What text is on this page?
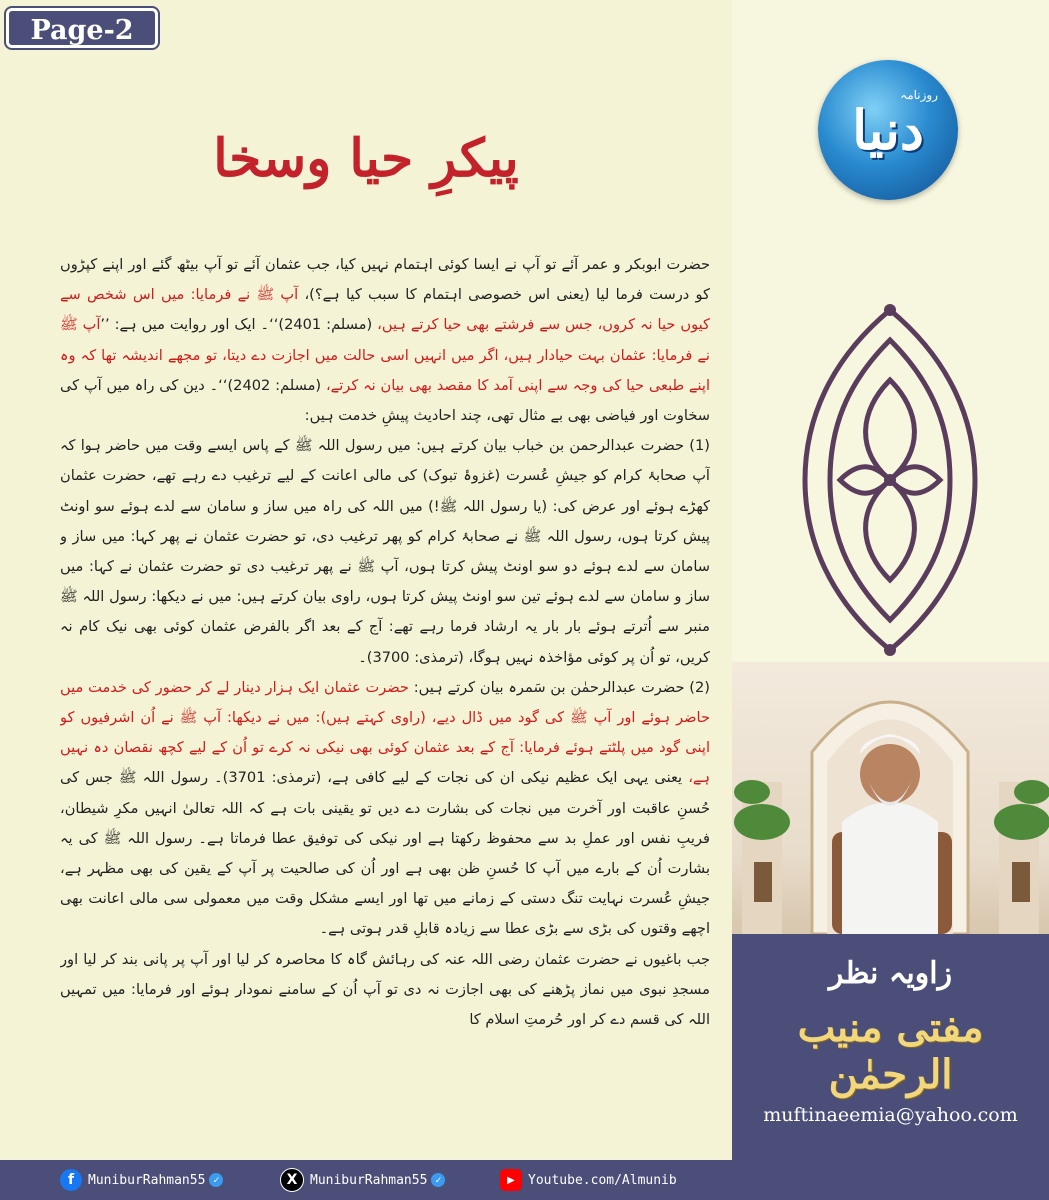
Page-2
پیکرِ حیا وسخا

حضرت ابوبکر و عمر آئے تو آپ نے ایسا کوئی اہتمام نہیں کیا، جب عثمان آئے تو آپ بیٹھ گئے اور اپنے کپڑوں کو درست فرما لیا (یعنی اس خصوصی اہتمام کا سبب کیا ہے؟)، آپ ﷺ نے فرمایا: میں اس شخص سے کیوں حیا نہ کروں، جس سے فرشتے بھی حیا کرتے ہیں، (مسلم: 2401)‘‘۔ ایک اور روایت میں ہے: ’’آپ ﷺ نے فرمایا: عثمان بہت حیادار ہیں، اگر میں انہیں اسی حالت میں اجازت دے دیتا، تو مجھے اندیشہ تھا کہ وہ اپنے طبعی حیا کی وجہ سے اپنی آمد کا مقصد بھی بیان نہ کرتے، (مسلم: 2402)‘‘۔ دین کی راہ میں آپ کی سخاوت اور فیاضی بھی بے مثال تھی، چند احادیث پیشِ خدمت ہیں:

(1) حضرت عبدالرحمن بن خباب بیان کرتے ہیں: میں رسول اللہ ﷺ کے پاس ایسے وقت میں حاضر ہوا کہ آپ صحابۂ کرام کو جیشِ عُسرت (غزوۂ تبوک) کی مالی اعانت کے لیے ترغیب دے رہے تھے، حضرت عثمان کھڑے ہوئے اور عرض کی: (یا رسول اللہ ﷺ!) میں اللہ کی راہ میں ساز و سامان سے لدے ہوئے سو اونٹ پیش کرتا ہوں، رسول اللہ ﷺ نے صحابۂ کرام کو پھر ترغیب دی، تو حضرت عثمان نے پھر کہا: میں ساز و سامان سے لدے ہوئے دو سو اونٹ پیش کرتا ہوں، آپ ﷺ نے پھر ترغیب دی تو حضرت عثمان نے کہا: میں ساز و سامان سے لدے ہوئے تین سو اونٹ پیش کرتا ہوں، راوی بیان کرتے ہیں: میں نے دیکھا: رسول اللہ ﷺ منبر سے اُترتے ہوئے بار بار یہ ارشاد فرما رہے تھے: آج کے بعد اگر بالفرض عثمان کوئی بھی نیک کام نہ کریں، تو اُن پر کوئی مؤاخذہ نہیں ہوگا، (ترمذی: 3700)۔

(2) حضرت عبدالرحمٰن بن سَمرہ بیان کرتے ہیں: حضرت عثمان ایک ہزار دینار لے کر حضور کی خدمت میں حاضر ہوئے اور آپ ﷺ کی گود میں ڈال دیے، (راوی کہتے ہیں): میں نے دیکھا: آپ ﷺ نے اُن اشرفیوں کو اپنی گود میں پلٹتے ہوئے فرمایا: آج کے بعد عثمان کوئی بھی نیکی نہ کرے تو اُن کے لیے کچھ نقصان دہ نہیں ہے، یعنی یہی ایک عظیم نیکی ان کی نجات کے لیے کافی ہے، (ترمذی: 3701)۔ رسول اللہ ﷺ جس کی حُسنِ عاقبت اور آخرت میں نجات کی بشارت دے دیں تو یقینی بات ہے کہ اللہ تعالیٰ انہیں مکرِ شیطان، فریبِ نفس اور عملِ بد سے محفوظ رکھتا ہے اور نیکی کی توفیق عطا فرماتا ہے۔ رسول اللہ ﷺ کی یہ بشارت اُن کے بارے میں آپ کا حُسنِ ظن بھی ہے اور اُن کی صالحیت پر آپ کے یقین کی بھی مظہر ہے، جیشِ عُسرت نہایت تنگ دستی کے زمانے میں تھا اور ایسے مشکل وقت میں معمولی سی مالی اعانت بھی اچھے وقتوں کی بڑی سے بڑی عطا سے زیادہ قابلِ قدر ہوتی ہے۔

جب باغیوں نے حضرت عثمان رضی اللہ عنہ کی رہائش گاہ کا محاصرہ کر لیا اور آپ پر پانی بند کر لیا اور مسجدِ نبوی میں نماز پڑھنے کی بھی اجازت نہ دی تو آپ اُن کے سامنے نمودار ہوئے اور فرمایا: میں تمہیں اللہ کی قسم دے کر اور حُرمتِ اسلام کا

روزنامہ
دنیا
زاویہ نظر
مفتی منیب الرحمٰن
muftinaeemia@yahoo.com
f	MuniburRahman55 ✓	X MuniburRahman55 ✓	▶	Youtube.com/Almunib
